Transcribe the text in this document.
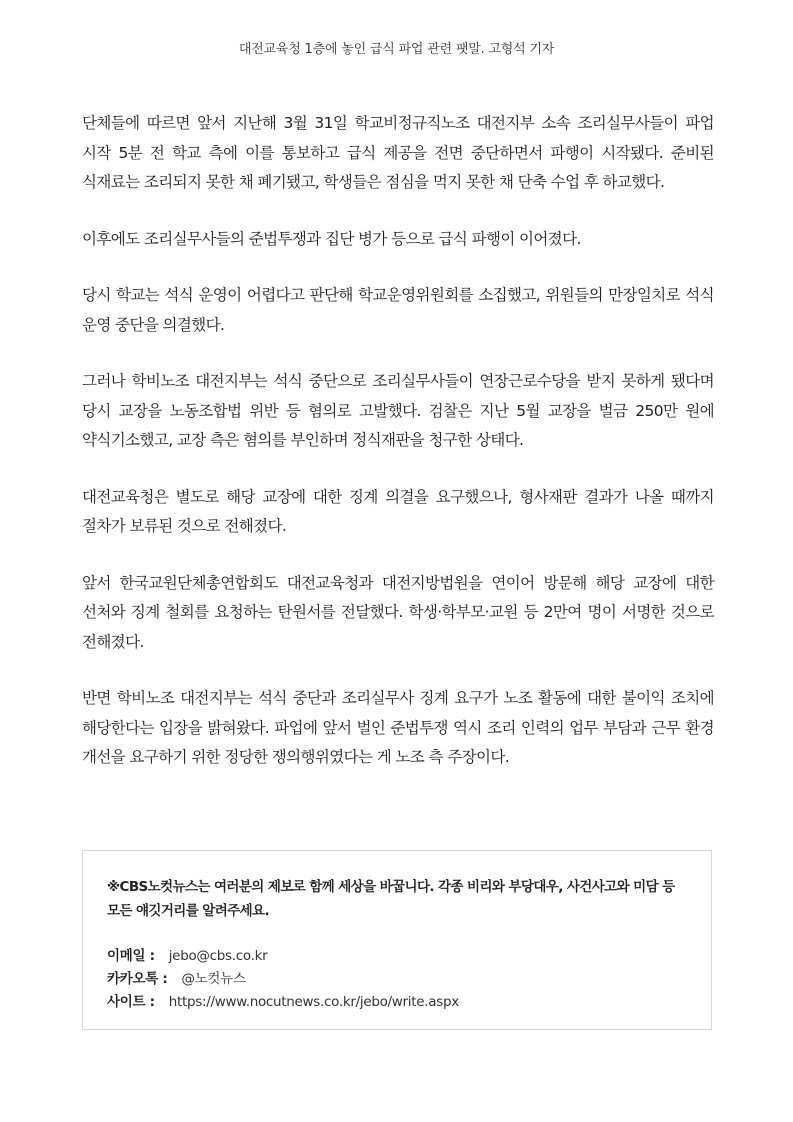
대전교육청 1층에 놓인 급식 파업 관련 팻말. 고형석 기자

단체들에 따르면 앞서 지난해 3월 31일 학교비정규직노조 대전지부 소속 조리실무사들이 파업 시작 5분 전 학교 측에 이를 통보하고 급식 제공을 전면 중단하면서 파행이 시작됐다. 준비된 식재료는 조리되지 못한 채 폐기됐고, 학생들은 점심을 먹지 못한 채 단축 수업 후 하교했다.

이후에도 조리실무사들의 준법투쟁과 집단 병가 등으로 급식 파행이 이어졌다.

당시 학교는 석식 운영이 어렵다고 판단해 학교운영위원회를 소집했고, 위원들의 만장일치로 석식 운영 중단을 의결했다.

그러나 학비노조 대전지부는 석식 중단으로 조리실무사들이 연장근로수당을 받지 못하게 됐다며 당시 교장을 노동조합법 위반 등 혐의로 고발했다. 검찰은 지난 5월 교장을 벌금 250만 원에 약식기소했고, 교장 측은 혐의를 부인하며 정식재판을 청구한 상태다.

대전교육청은 별도로 해당 교장에 대한 징계 의결을 요구했으나, 형사재판 결과가 나올 때까지 절차가 보류된 것으로 전해졌다.

앞서 한국교원단체총연합회도 대전교육청과 대전지방법원을 연이어 방문해 해당 교장에 대한 선처와 징계 철회를 요청하는 탄원서를 전달했다. 학생·학부모·교원 등 2만여 명이 서명한 것으로 전해졌다.

반면 학비노조 대전지부는 석식 중단과 조리실무사 징계 요구가 노조 활동에 대한 불이익 조치에 해당한다는 입장을 밝혀왔다. 파업에 앞서 벌인 준법투쟁 역시 조리 인력의 업무 부담과 근무 환경 개선을 요구하기 위한 정당한 쟁의행위였다는 게 노조 측 주장이다.

※CBS노컷뉴스는 여러분의 제보로 함께 세상을 바꿉니다. 각종 비리와 부당대우, 사건사고와 미담 등 모든 얘깃거리를 알려주세요.

이메일 : jebo@cbs.co.kr
카카오톡 : @노컷뉴스
사이트 : https://www.nocutnews.co.kr/jebo/write.aspx
